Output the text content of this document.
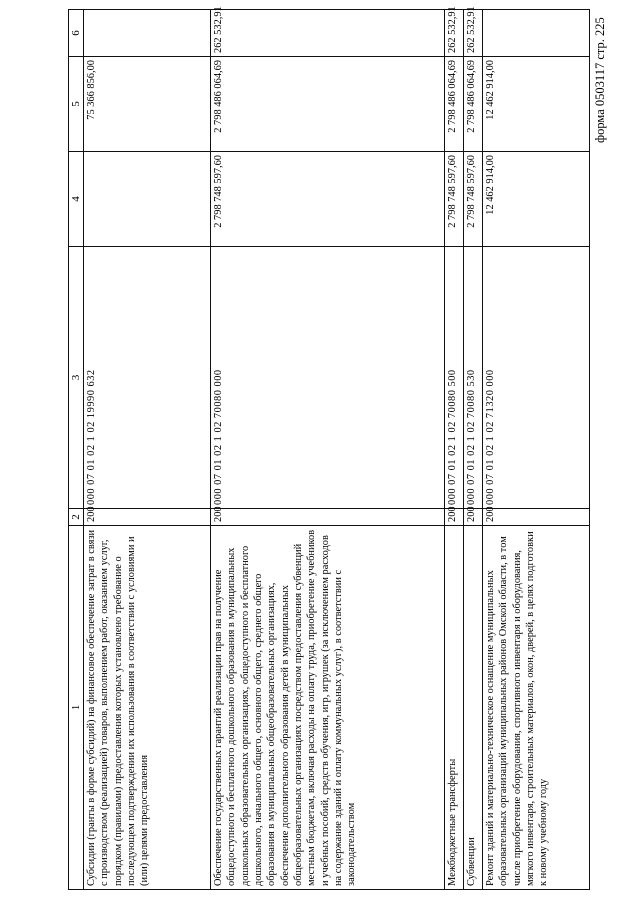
форма 0503117 стр. 225
1	2	3	4	5	6
Субсидии (гранты в форме субсидий) на финансовое обеспечение затрат в связи с производством (реализацией) товаров, выполнением работ, оказанием услуг, порядком (правилами) предоставления которых установлено требование о последующем подтверждении их использования в соответствии с условиями и (или) целями предоставления	200	000 07 01 02 1 02 19990 632		75 366 856,00	
Обеспечение государственных гарантий реализации прав на получение общедоступного и бесплатного дошкольного образования в муниципальных дошкольных образовательных организациях, общедоступного и бесплатного дошкольного, начального общего, основного общего, среднего общего образования в муниципальных общеобразовательных организациях, обеспечение дополнительного образования детей в муниципальных общеобразовательных организациях посредством предоставления субвенций местным бюджетам, включая расходы на оплату труда, приобретение учебников и учебных пособий, средств обучения, игр, игрушек (за исключением расходов на содержание зданий и оплату коммунальных услуг), в соответствии с законодательством	200	000 07 01 02 1 02 70080 000	2 798 748 597,60	2 798 486 064,69	262 532,91
Межбюджетные трансферты	200	000 07 01 02 1 02 70080 500	2 798 748 597,60	2 798 486 064,69	262 532,91
Субвенции	200	000 07 01 02 1 02 70080 530	2 798 748 597,60	2 798 486 064,69	262 532,91
Ремонт зданий и материально-техническое оснащение муниципальных образовательных организаций муниципальных районов Омской области, в том числе приобретение оборудования, спортивного инвентаря и оборудования, мягкого инвентаря, строительных материалов, окон, дверей, в целях подготовки к новому учебному году	200	000 07 01 02 1 02 71320 000	12 462 914,00	12 462 914,00	
